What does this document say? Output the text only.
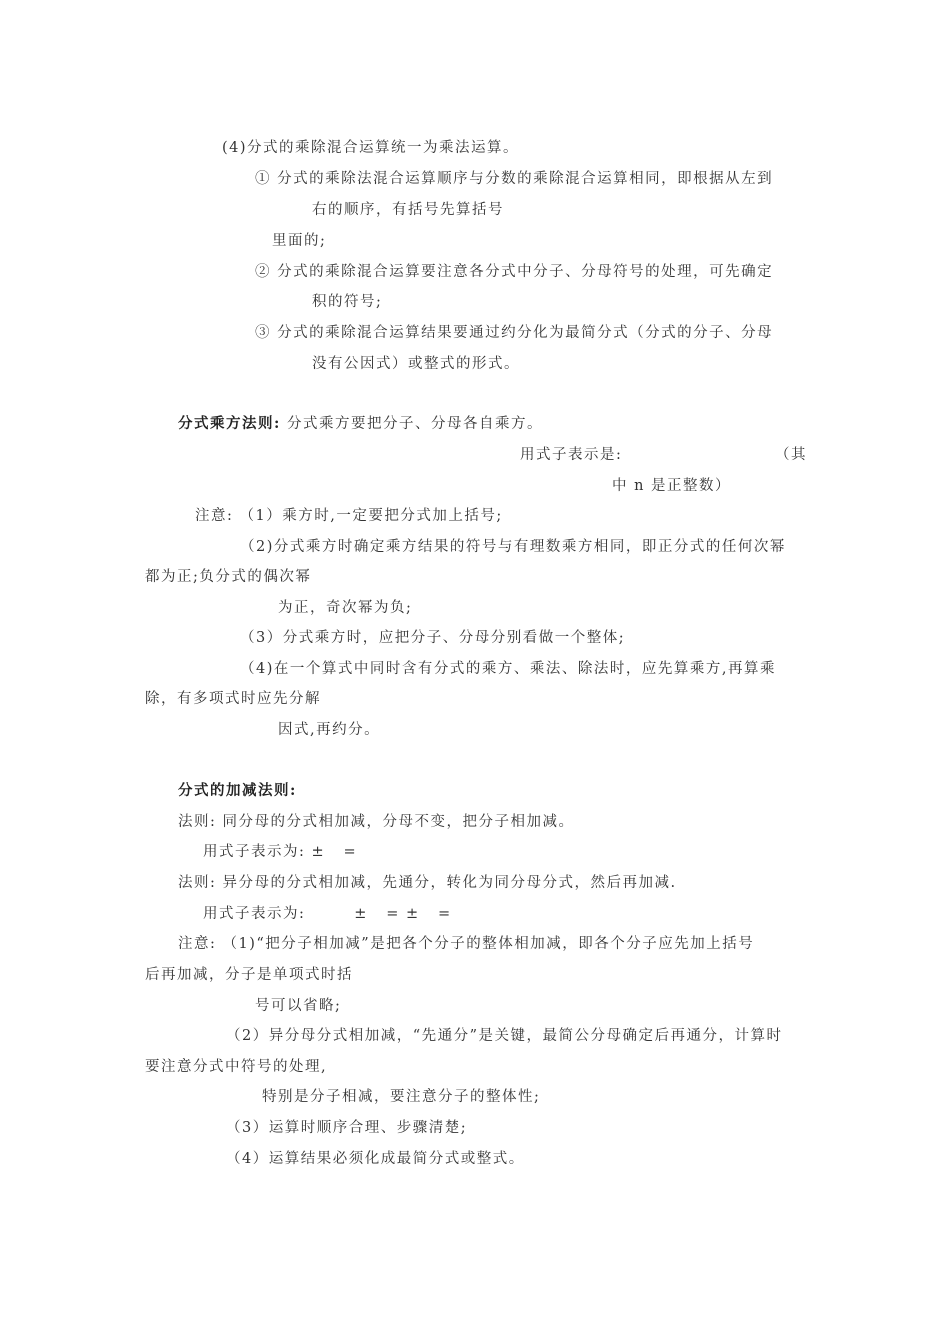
(4)分式的乘除混合运算统一为乘法运算。
① 分式的乘除法混合运算顺序与分数的乘除混合运算相同，即根据从左到
右的顺序，有括号先算括号
里面的;
② 分式的乘除混合运算要注意各分式中分子、分母符号的处理，可先确定
积的符号;
③ 分式的乘除混合运算结果要通过约分化为最简分式（分式的分子、分母
没有公因式）或整式的形式。
分式乘方法则: 分式乘方要把分子、分母各自乘方。
用式子表示是:	（其
中 n 是正整数）
注意: （1）乘方时,一定要把分式加上括号;
（2)分式乘方时确定乘方结果的符号与有理数乘方相同，即正分式的任何次幂
都为正;负分式的偶次幂
为正，奇次幂为负;
（3）分式乘方时，应把分子、分母分别看做一个整体;
（4)在一个算式中同时含有分式的乘方、乘法、除法时，应先算乘方,再算乘
除，有多项式时应先分解
因式,再约分。
分式的加减法则:
法则: 同分母的分式相加减，分母不变，把分子相加减。
用式子表示为: ±   =
法则: 异分母的分式相加减，先通分，转化为同分母分式，然后再加减.
用式子表示为:        ±   = ±   =
注意: （1)“把分子相加减”是把各个分子的整体相加减，即各个分子应先加上括号
后再加减，分子是单项式时括
号可以省略;
（2）异分母分式相加减，“先通分”是关键，最简公分母确定后再通分，计算时
要注意分式中符号的处理,
特别是分子相减，要注意分子的整体性;
（3）运算时顺序合理、步骤清楚;
（4）运算结果必须化成最简分式或整式。
